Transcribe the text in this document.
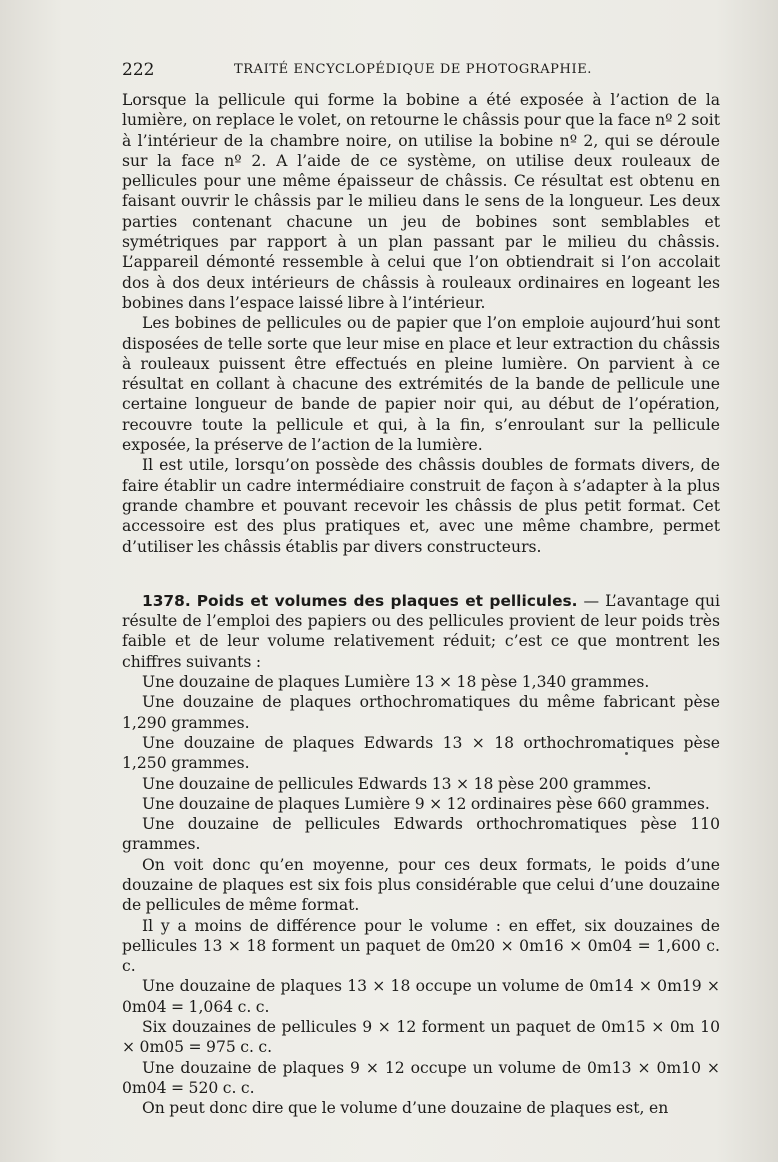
222	TRAITÉ ENCYCLOPÉDIQUE DE PHOTOGRAPHIE.

Lorsque la pellicule qui forme la bobine a été exposée à l’action de la lumière, on replace le volet, on retourne le châssis pour que la face nº 2 soit à l’intérieur de la chambre noire, on utilise la bobine nº 2, qui se déroule sur la face nº 2. A l’aide de ce système, on utilise deux rouleaux de pellicules pour une même épaisseur de châssis. Ce résultat est obtenu en faisant ouvrir le châssis par le milieu dans le sens de la longueur. Les deux parties contenant chacune un jeu de bobines sont semblables et symétriques par rapport à un plan passant par le milieu du châssis. L’appareil démonté ressemble à celui que l’on obtiendrait si l’on accolait dos à dos deux intérieurs de châssis à rouleaux ordinaires en logeant les bobines dans l’espace laissé libre à l’intérieur.

Les bobines de pellicules ou de papier que l’on emploie aujourd’hui sont disposées de telle sorte que leur mise en place et leur extraction du châssis à rouleaux puissent être effectués en pleine lumière. On parvient à ce résultat en collant à chacune des extrémités de la bande de pellicule une certaine longueur de bande de papier noir qui, au début de l’opération, recouvre toute la pellicule et qui, à la fin, s’enroulant sur la pellicule exposée, la préserve de l’action de la lumière.

Il est utile, lorsqu’on possède des châssis doubles de formats divers, de faire établir un cadre intermédiaire construit de façon à s’adapter à la plus grande chambre et pouvant recevoir les châssis de plus petit format. Cet accessoire est des plus pratiques et, avec une même chambre, permet d’utiliser les châssis établis par divers constructeurs.

1378. Poids et volumes des plaques et pellicules. — L’avantage qui résulte de l’emploi des papiers ou des pellicules provient de leur poids très faible et de leur volume relativement réduit; c’est ce que montrent les chiffres suivants :

Une douzaine de plaques Lumière 13 × 18 pèse 1,340 grammes.

Une douzaine de plaques orthochromatiques du même fabricant pèse 1,290 grammes.

Une douzaine de plaques Edwards 13 × 18 orthochromatiques pèse 1,250 grammes.

Une douzaine de pellicules Edwards 13 × 18 pèse 200 grammes.

Une douzaine de plaques Lumière 9 × 12 ordinaires pèse 660 grammes.

Une douzaine de pellicules Edwards orthochromatiques pèse 110 grammes.

On voit donc qu’en moyenne, pour ces deux formats, le poids d’une douzaine de plaques est six fois plus considérable que celui d’une douzaine de pellicules de même format.

Il y a moins de différence pour le volume : en effet, six douzaines de pellicules 13 × 18 forment un paquet de 0m20 × 0m16 × 0m04 = 1,600 c. c.

Une douzaine de plaques 13 × 18 occupe un volume de 0m14 × 0m19 × 0m04 = 1,064 c. c.

Six douzaines de pellicules 9 × 12 forment un paquet de 0m15 × 0m 10 × 0m05 = 975 c. c.

Une douzaine de plaques 9 × 12 occupe un volume de 0m13 × 0m10 × 0m04 = 520 c. c.

On peut donc dire que le volume d’une douzaine de plaques est, en
